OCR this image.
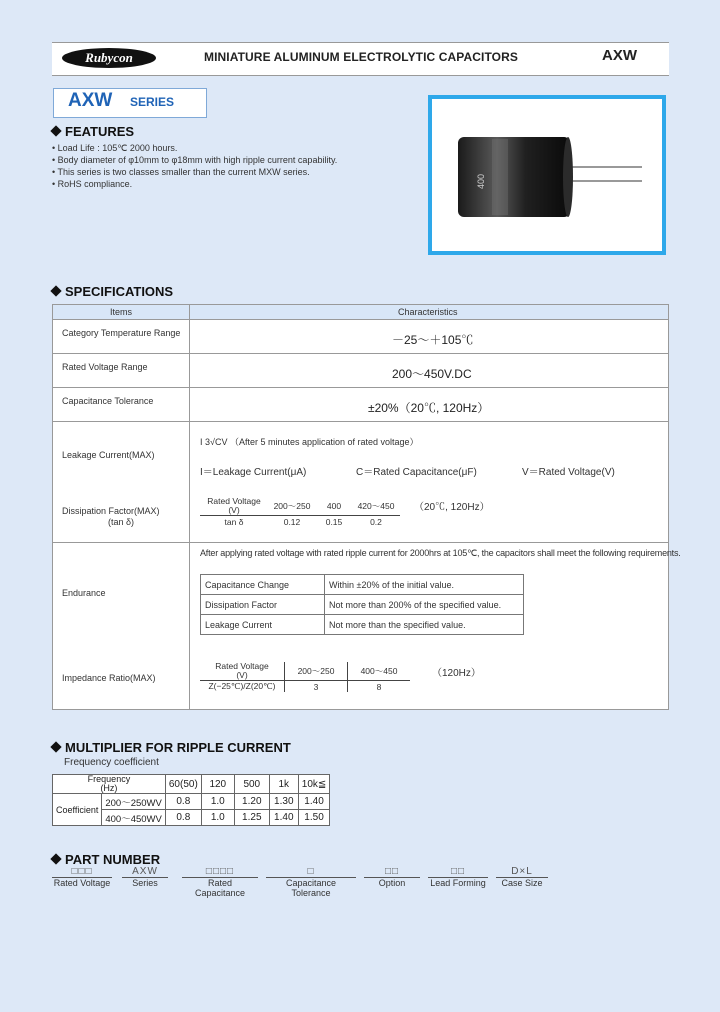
Rubycon	MINIATURE ALUMINUM ELECTROLYTIC CAPACITORS	AXW
AXW SERIES
FEATURES
• Load Life : 105℃ 2000 hours.
• Body diameter of φ10mm to φ18mm with high ripple current capability.
• This series is two classes smaller than the current MXW series.
• RoHS compliance.	400
SPECIFICATIONS
Items	Characteristics
Category Temperature Range	－25～＋105℃
Rated Voltage Range	200～450V.DC
Capacitance Tolerance	±20%（20℃, 120Hz）
Leakage Current(MAX)
I 3√CV （After 5 minutes application of rated voltage）
I＝Leakage Current(μA)	C＝Rated Capacitance(μF)	V＝Rated Voltage(V)
Dissipation Factor(MAX)
(tan δ)
Rated Voltage
(V)	200～250	400	420～450
tan δ	0.12	0.15	0.2
（20℃, 120Hz）
Endurance
After applying rated voltage with rated ripple current for 2000hrs at 105℃, the capacitors shall meet the following requirements.
Capacitance Change	Within ±20% of the initial value.
Dissipation Factor	Not more than 200% of the specified value.
Leakage Current	Not more than the specified value.
Impedance Ratio(MAX)
Rated Voltage
(V)	200～250	400～450
Z(−25℃)/Z(20℃)	3	8
（120Hz）
MULTIPLIER FOR RIPPLE CURRENT
Frequency coefficient
Frequency
(Hz)		60(50)	120	500	1k	10k≦
Coefficient	200～250WV	0.8	1.0	1.20	1.30	1.40
	400～450WV	0.8	1.0	1.25	1.40	1.50
PART NUMBER
□□□
Rated Voltage
AXW
Series
□□□□
Rated Capacitance
□
Capacitance Tolerance
□□
Option
□□
Lead Forming
D×L
Case Size
